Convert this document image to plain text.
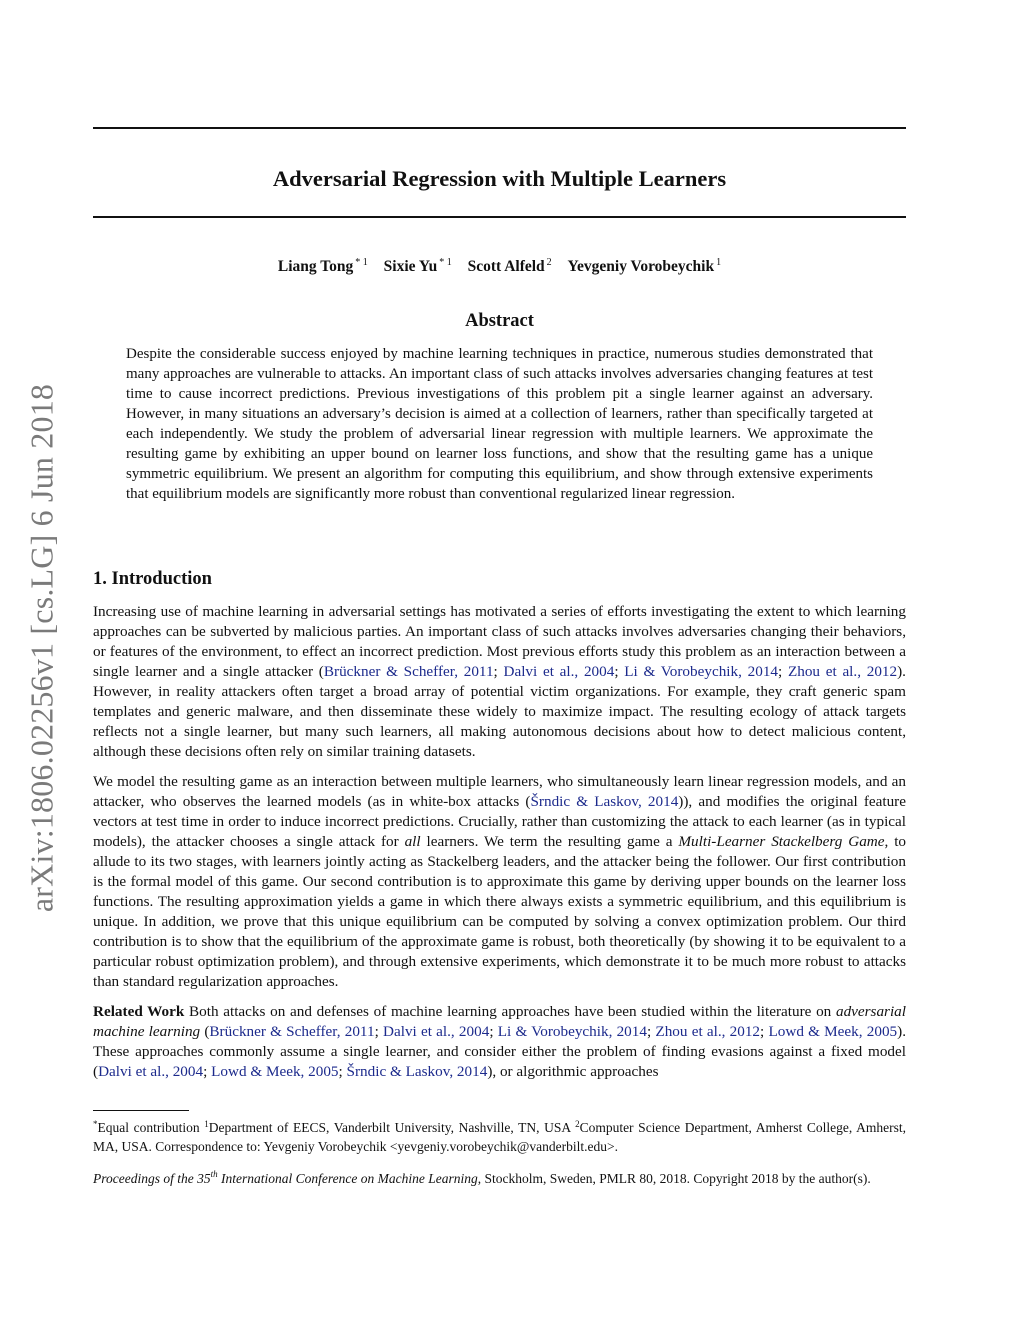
Adversarial Regression with Multiple Learners
Liang Tong $^{* 1}$ Sixie Yu $^{* 1}$ Scott Alfeld $^2$ Yevgeniy Vorobeychik $^1$
Abstract

Despite the considerable success enjoyed by machine learning techniques in practice, numerous studies demonstrated that many approaches are vulnerable to attacks. An important class of such attacks involves adversaries changing features at test time to cause incorrect predictions. Previous investigations of this problem pit a single learner against an adversary. However, in many situations an adversary’s decision is aimed at a collection of learners, rather than specifically targeted at each independently. We study the problem of adversarial linear regression with multiple learners. We approximate the resulting game by exhibiting an upper bound on learner loss functions, and show that the resulting game has a unique symmetric equilibrium. We present an algorithm for computing this equilibrium, and show through extensive experiments that equilibrium models are significantly more robust than conventional regularized linear regression.

arXiv:1806.02256v1 [cs.LG] 6 Jun 2018 1. Introduction

Increasing use of machine learning in adversarial settings has motivated a series of efforts investigating the extent to which learning approaches can be subverted by malicious parties. An important class of such attacks involves adversaries changing their behaviors, or features of the environment, to effect an incorrect prediction. Most previous efforts study this problem as an interaction between a single learner and a single attacker (Brückner & Scheffer, 2011; Dalvi et al., 2004; Li & Vorobeychik, 2014; Zhou et al., 2012). However, in reality attackers often target a broad array of potential victim organizations. For example, they craft generic spam templates and generic malware, and then disseminate these widely to maximize impact. The resulting ecology of attack targets reflects not a single learner, but many such learners, all making autonomous decisions about how to detect malicious content, although these decisions often rely on similar training datasets.

We model the resulting game as an interaction between multiple learners, who simultaneously learn linear regression models, and an attacker, who observes the learned models (as in white-box attacks (Šrndic & Laskov, 2014)), and modifies the original feature vectors at test time in order to induce incorrect predictions. Crucially, rather than customizing the attack to each learner (as in typical models), the attacker chooses a single attack for all learners. We term the resulting game a Multi-Learner Stackelberg Game, to allude to its two stages, with learners jointly acting as Stackelberg leaders, and the attacker being the follower. Our first contribution is the formal model of this game. Our second contribution is to approximate this game by deriving upper bounds on the learner loss functions. The resulting approximation yields a game in which there always exists a symmetric equilibrium, and this equilibrium is unique. In addition, we prove that this unique equilibrium can be computed by solving a convex optimization problem. Our third contribution is to show that the equilibrium of the approximate game is robust, both theoretically (by showing it to be equivalent to a particular robust optimization problem), and through extensive experiments, which demonstrate it to be much more robust to attacks than standard regularization approaches.

Related Work Both attacks on and defenses of machine learning approaches have been studied within the literature on adversarial machine learning (Brückner & Scheffer, 2011; Dalvi et al., 2004; Li & Vorobeychik, 2014; Zhou et al., 2012; Lowd & Meek, 2005). These approaches commonly assume a single learner, and consider either the problem of finding evasions against a fixed model (Dalvi et al., 2004; Lowd & Meek, 2005; Šrndic & Laskov, 2014), or algorithmic approaches

*Equal contribution $^1$Department of EECS, Vanderbilt University, Nashville, TN, USA $^2$Computer Science Department, Amherst College, Amherst, MA, USA. Correspondence to: Yevgeniy Vorobeychik <yevgeniy.vorobeychik@vanderbilt.edu>.

Proceedings of the 35th International Conference on Machine Learning, Stockholm, Sweden, PMLR 80, 2018. Copyright 2018 by the author(s).
